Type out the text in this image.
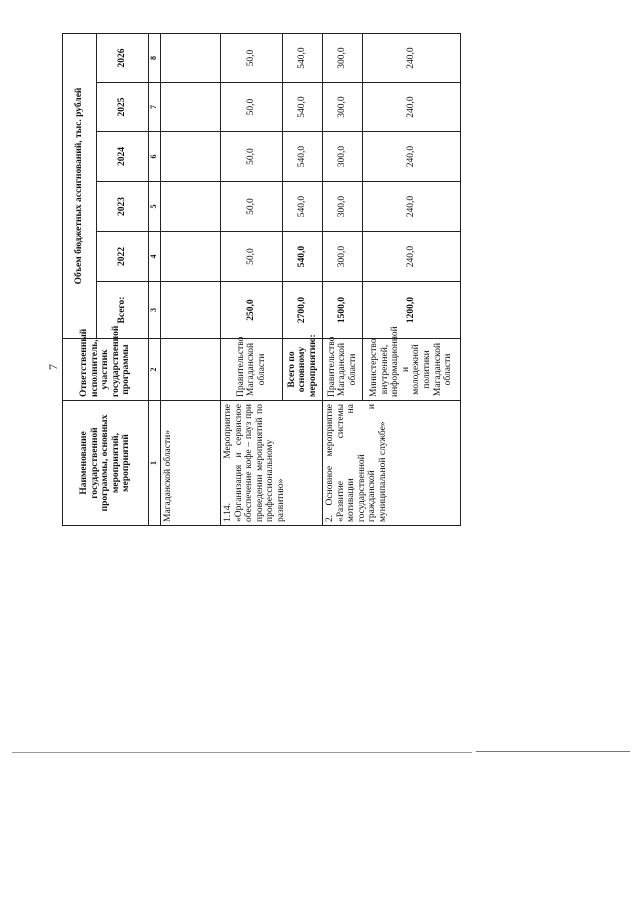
7
Наименование государственной программы, основных мероприятий, мероприятий	Ответственный исполнитель, участник государственной программы	Объем бюджетных ассигнований, тыс. рублей					
		Всего:	2022	2023	2024	2025	2026
1	2	3	4	5	6	7	8
Магаданской области»							
1.14. Мероприятие «Организация и сервисное обеспечение кофе – пауз при проведении мероприятий по профессиональному развитию»	Правительство Магаданской области	250,0	50,0	50,0	50,0	50,0	50,0
	Всего по основному мероприятию:	2700,0	540,0	540,0	540,0	540,0	540,0
2. Основное мероприятие «Развитие системы мотивации на государственной гражданской и муниципальной службе»	Правительство Магаданской области	1500,0	300,0	300,0	300,0	300,0	300,0
	Министерство внутренней, информационной и молодежной политики Магаданской области	1200,0	240,0	240,0	240,0	240,0	240,0
